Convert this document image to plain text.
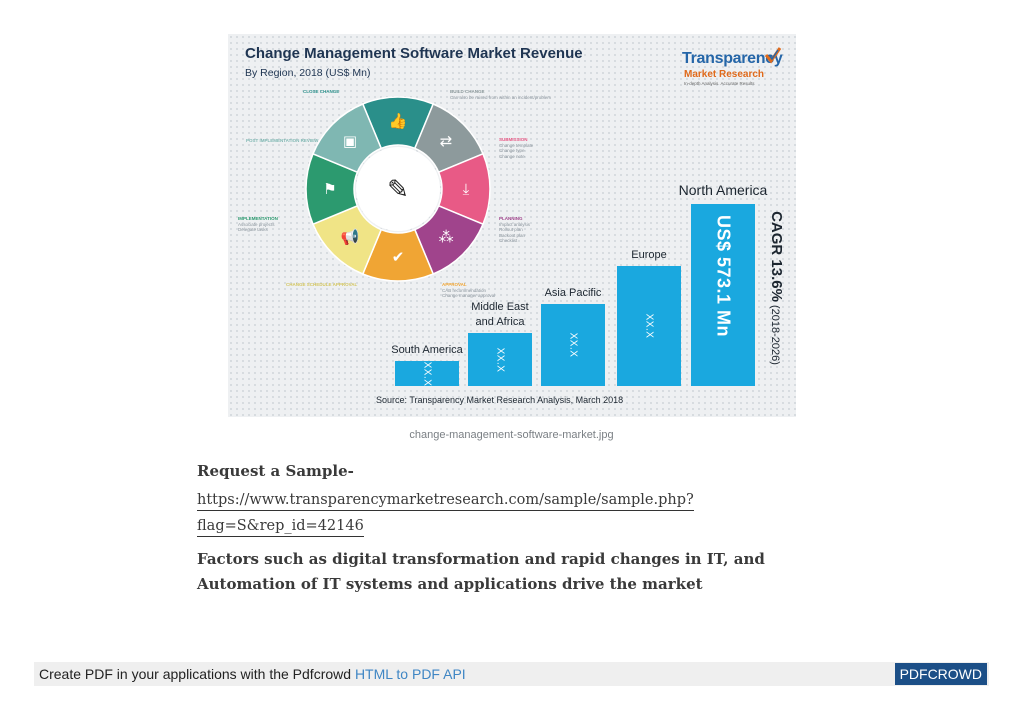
Change Management Software Market Revenue
By Region, 2018 (US$ Mn)
Transparency
Market Research
In-depth Analysis. Accurate Results
👍
⇄
⤓
⁂
✔
📢
⚑
▣
✎
CLOSE CHANGE	BUILD CHANGE
Can also be raised from within an incident/problem
SUBMISSION
Change template
Change type
Change note
PLANNING
Impact analysis
Rollout plan
Backout plan
Checklist
APPROVAL
CAB recommendation
Change manager approval
CHANGE SCHEDULE APPROVAL
IMPLEMENTATION
Associate projects
Delegate tasks
POST IMPLEMENTATION REVIEW
XX.X
South America	XX.X
Middle East
and Africa
XX.X
Asia Pacific
XX.X
Europe	US$ 573.1 Mn
North America
CAGR 13.6% (2018-2026)
Source: Transparency Market Research Analysis, March 2018
change-management-software-market.jpg
Request a Sample-
https://www.transparencymarketresearch.com/sample/sample.php?
flag=S&rep_id=42146
Factors such as digital transformation and rapid changes in IT, and Automation of IT systems and applications drive the market
Create PDF in your applications with the Pdfcrowd HTML to PDF API	PDFCROWD
